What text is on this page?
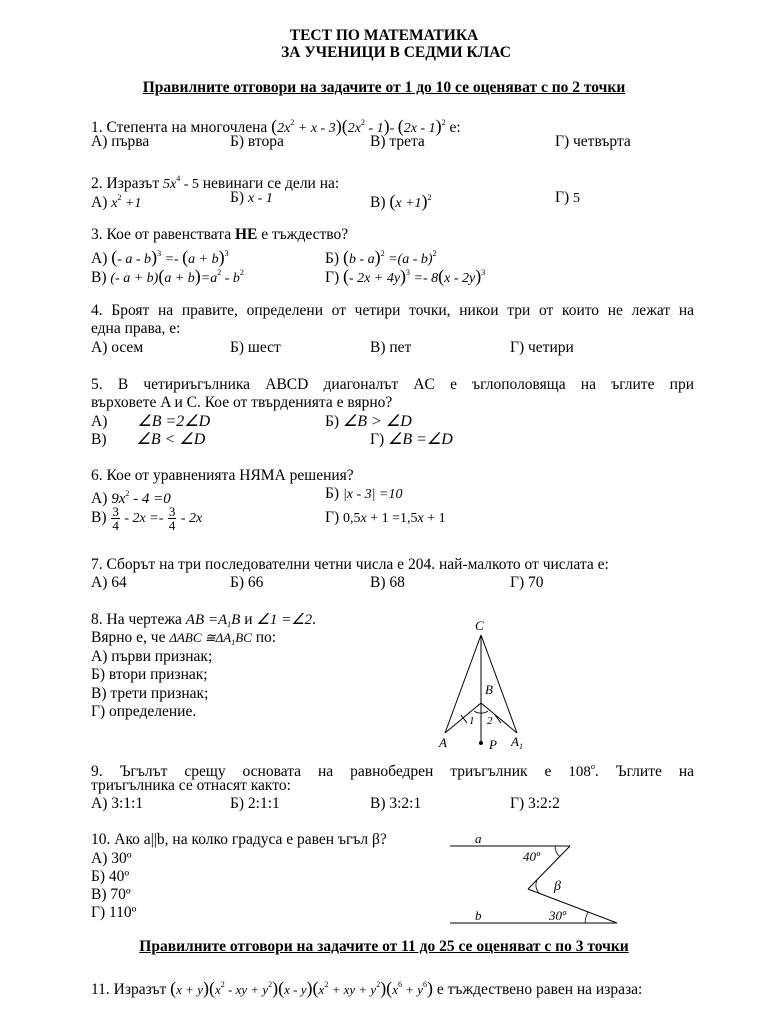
ТЕСТ ПО МАТЕМАТИКА
ЗА УЧЕНИЦИ В СЕДМИ КЛАС
Правилните отговори на задачите от 1 до 10 се оценяват с по 2 точки
1. Степента на многочлена $(2x^2 + x - 3)(2x^2 - 1)-$ (2x - 1)$^2$ е:
А) първа	Б) втора	В) трета	Г) четвърта
2. Изразът $5x^4 - 5$ невинаги се дели на:
А) $x^2 +1$	Б) x - 1	В) $(x +1)^2$	Г) 5
3. Кое от равенствата НЕ е тъждество?
А) (- $a - b)^3 =- (a + b)^3$	Б) (b - a)$^2$ =(a - b)$^2$
В) (- $a + b)(a + b)=a^2 - b^2$	Г) (- 2x + 4y)$^3$ =- 8(x - 2y)$^3$
4. Броят на правите, определени от четири точки, никои три от които не лежат на
една права, е:
А) осем	Б) шест	В) пет	Г) четири
5. В четириъгълника ABCD диагоналът AC е ъглополовяща на ъглите при
върховете A и C. Кое от твърденията е вярно?
А) ∠B =2∠D	Б) ∠B > ∠D
В) ∠B < ∠D	Г) ∠B =∠D
6. Кое от уравненията НЯМА решения?
А) $9x^2 - 4 =0$	Б) |x - 3| =10
$В) \frac{3}{4} - 2x =- \frac{3}{4} - 2x$	Г) 0,5x + 1 =1,5x + 1
7. Сборът на три последователни четни числа е 204. най-малкото от числата е:
А) 64	Б) 66	В) 68	Г) 70
8. На чертежа AB $=A_1B$ и ∠1 =∠2.
Вярно е, че ΔABC $≅\Delta A_1BC$ по:
А) първи признак;
Б) втори признак;
В) трети признак;
Г) определение.
C
B
A	$A_1$
P
1 2
9. Ъгълът срещу основата на равнобедрен триъгълник е 108$^o$. Ъглите на
триъгълника се отнасят както:
А) 3:1:1	Б) 2:1:1	В) 3:2:1	Г) 3:2:2
10. Ако a||b, на колко градуса е равен ъгъл β?
А) 30º
Б) 40º
В) 70º
Г) 110º
a
b
40º
β
30º
Правилните отговори на задачите от 11 до 25 се оценяват с по 3 точки
11. Изразът $(x + y)(x^2$ - xy + $y^2)(x - y)(x^2$ + xy + $y^2)(x^6 + y^6)$ е тъждествено равен на израза:
